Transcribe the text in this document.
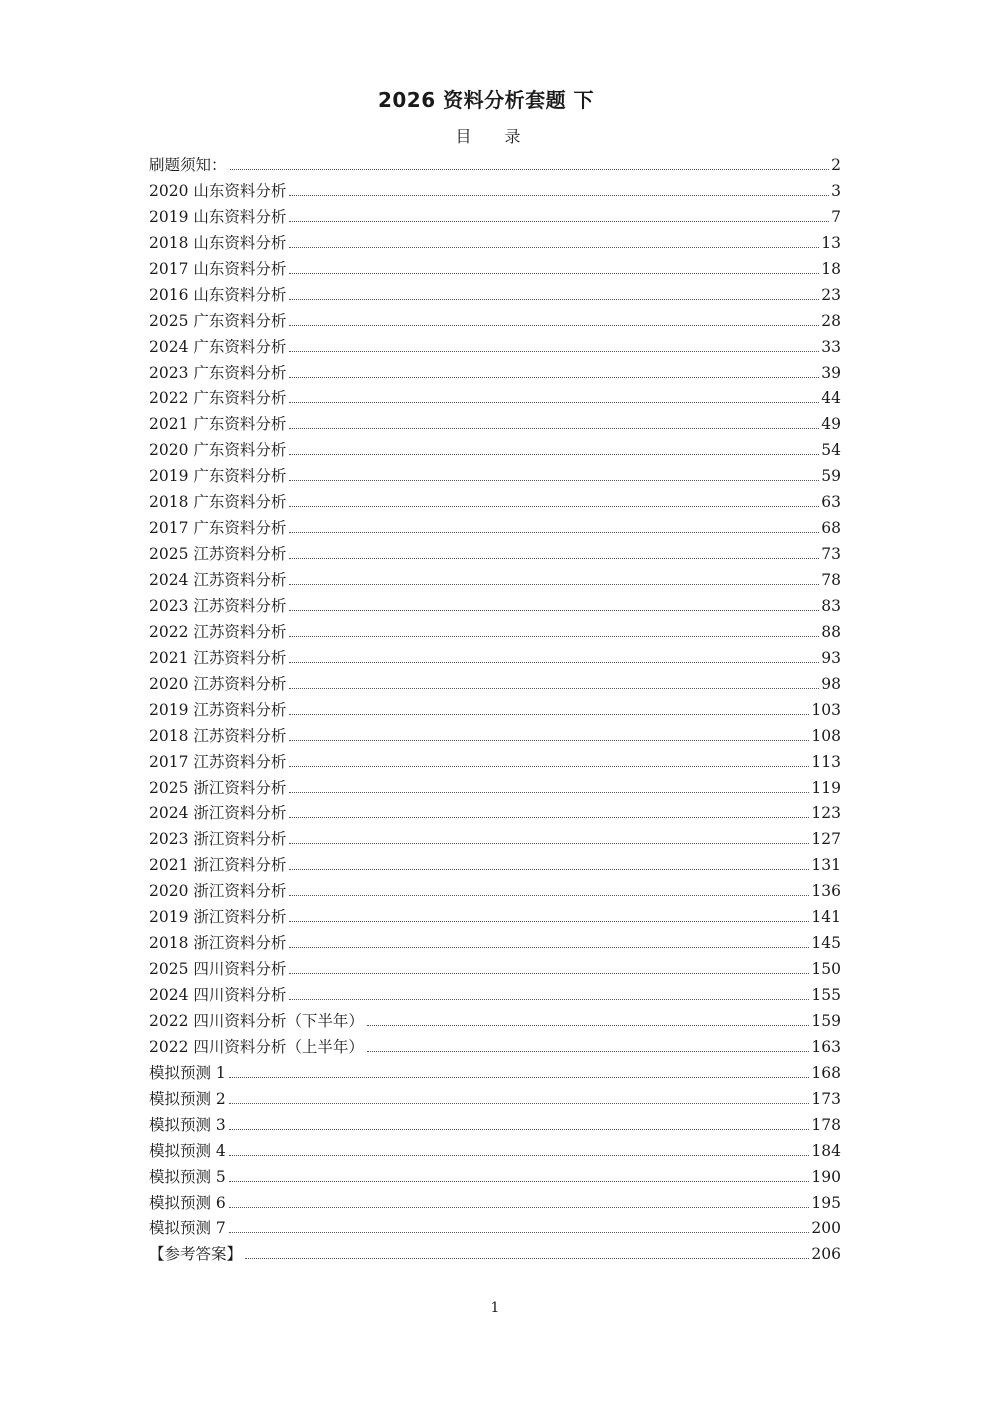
2026 资料分析套题 下
目 录
刷题须知：	2
2020 山东资料分析	3
2019 山东资料分析	7
2018 山东资料分析	13
2017 山东资料分析	18
2016 山东资料分析	23
2025 广东资料分析	28
2024 广东资料分析	33
2023 广东资料分析	39
2022 广东资料分析	44
2021 广东资料分析	49
2020 广东资料分析	54
2019 广东资料分析	59
2018 广东资料分析	63
2017 广东资料分析	68
2025 江苏资料分析	73
2024 江苏资料分析	78
2023 江苏资料分析	83
2022 江苏资料分析	88
2021 江苏资料分析	93
2020 江苏资料分析	98
2019 江苏资料分析	103
2018 江苏资料分析	108
2017 江苏资料分析	113
2025 浙江资料分析	119
2024 浙江资料分析	123
2023 浙江资料分析	127
2021 浙江资料分析	131
2020 浙江资料分析	136
2019 浙江资料分析	141
2018 浙江资料分析	145
2025 四川资料分析	150
2024 四川资料分析	155
2022 四川资料分析（下半年）	159
2022 四川资料分析（上半年）	163
模拟预测 1	168
模拟预测 2	173
模拟预测 3	178
模拟预测 4	184
模拟预测 5	190
模拟预测 6	195
模拟预测 7	200
【参考答案】	206
1
